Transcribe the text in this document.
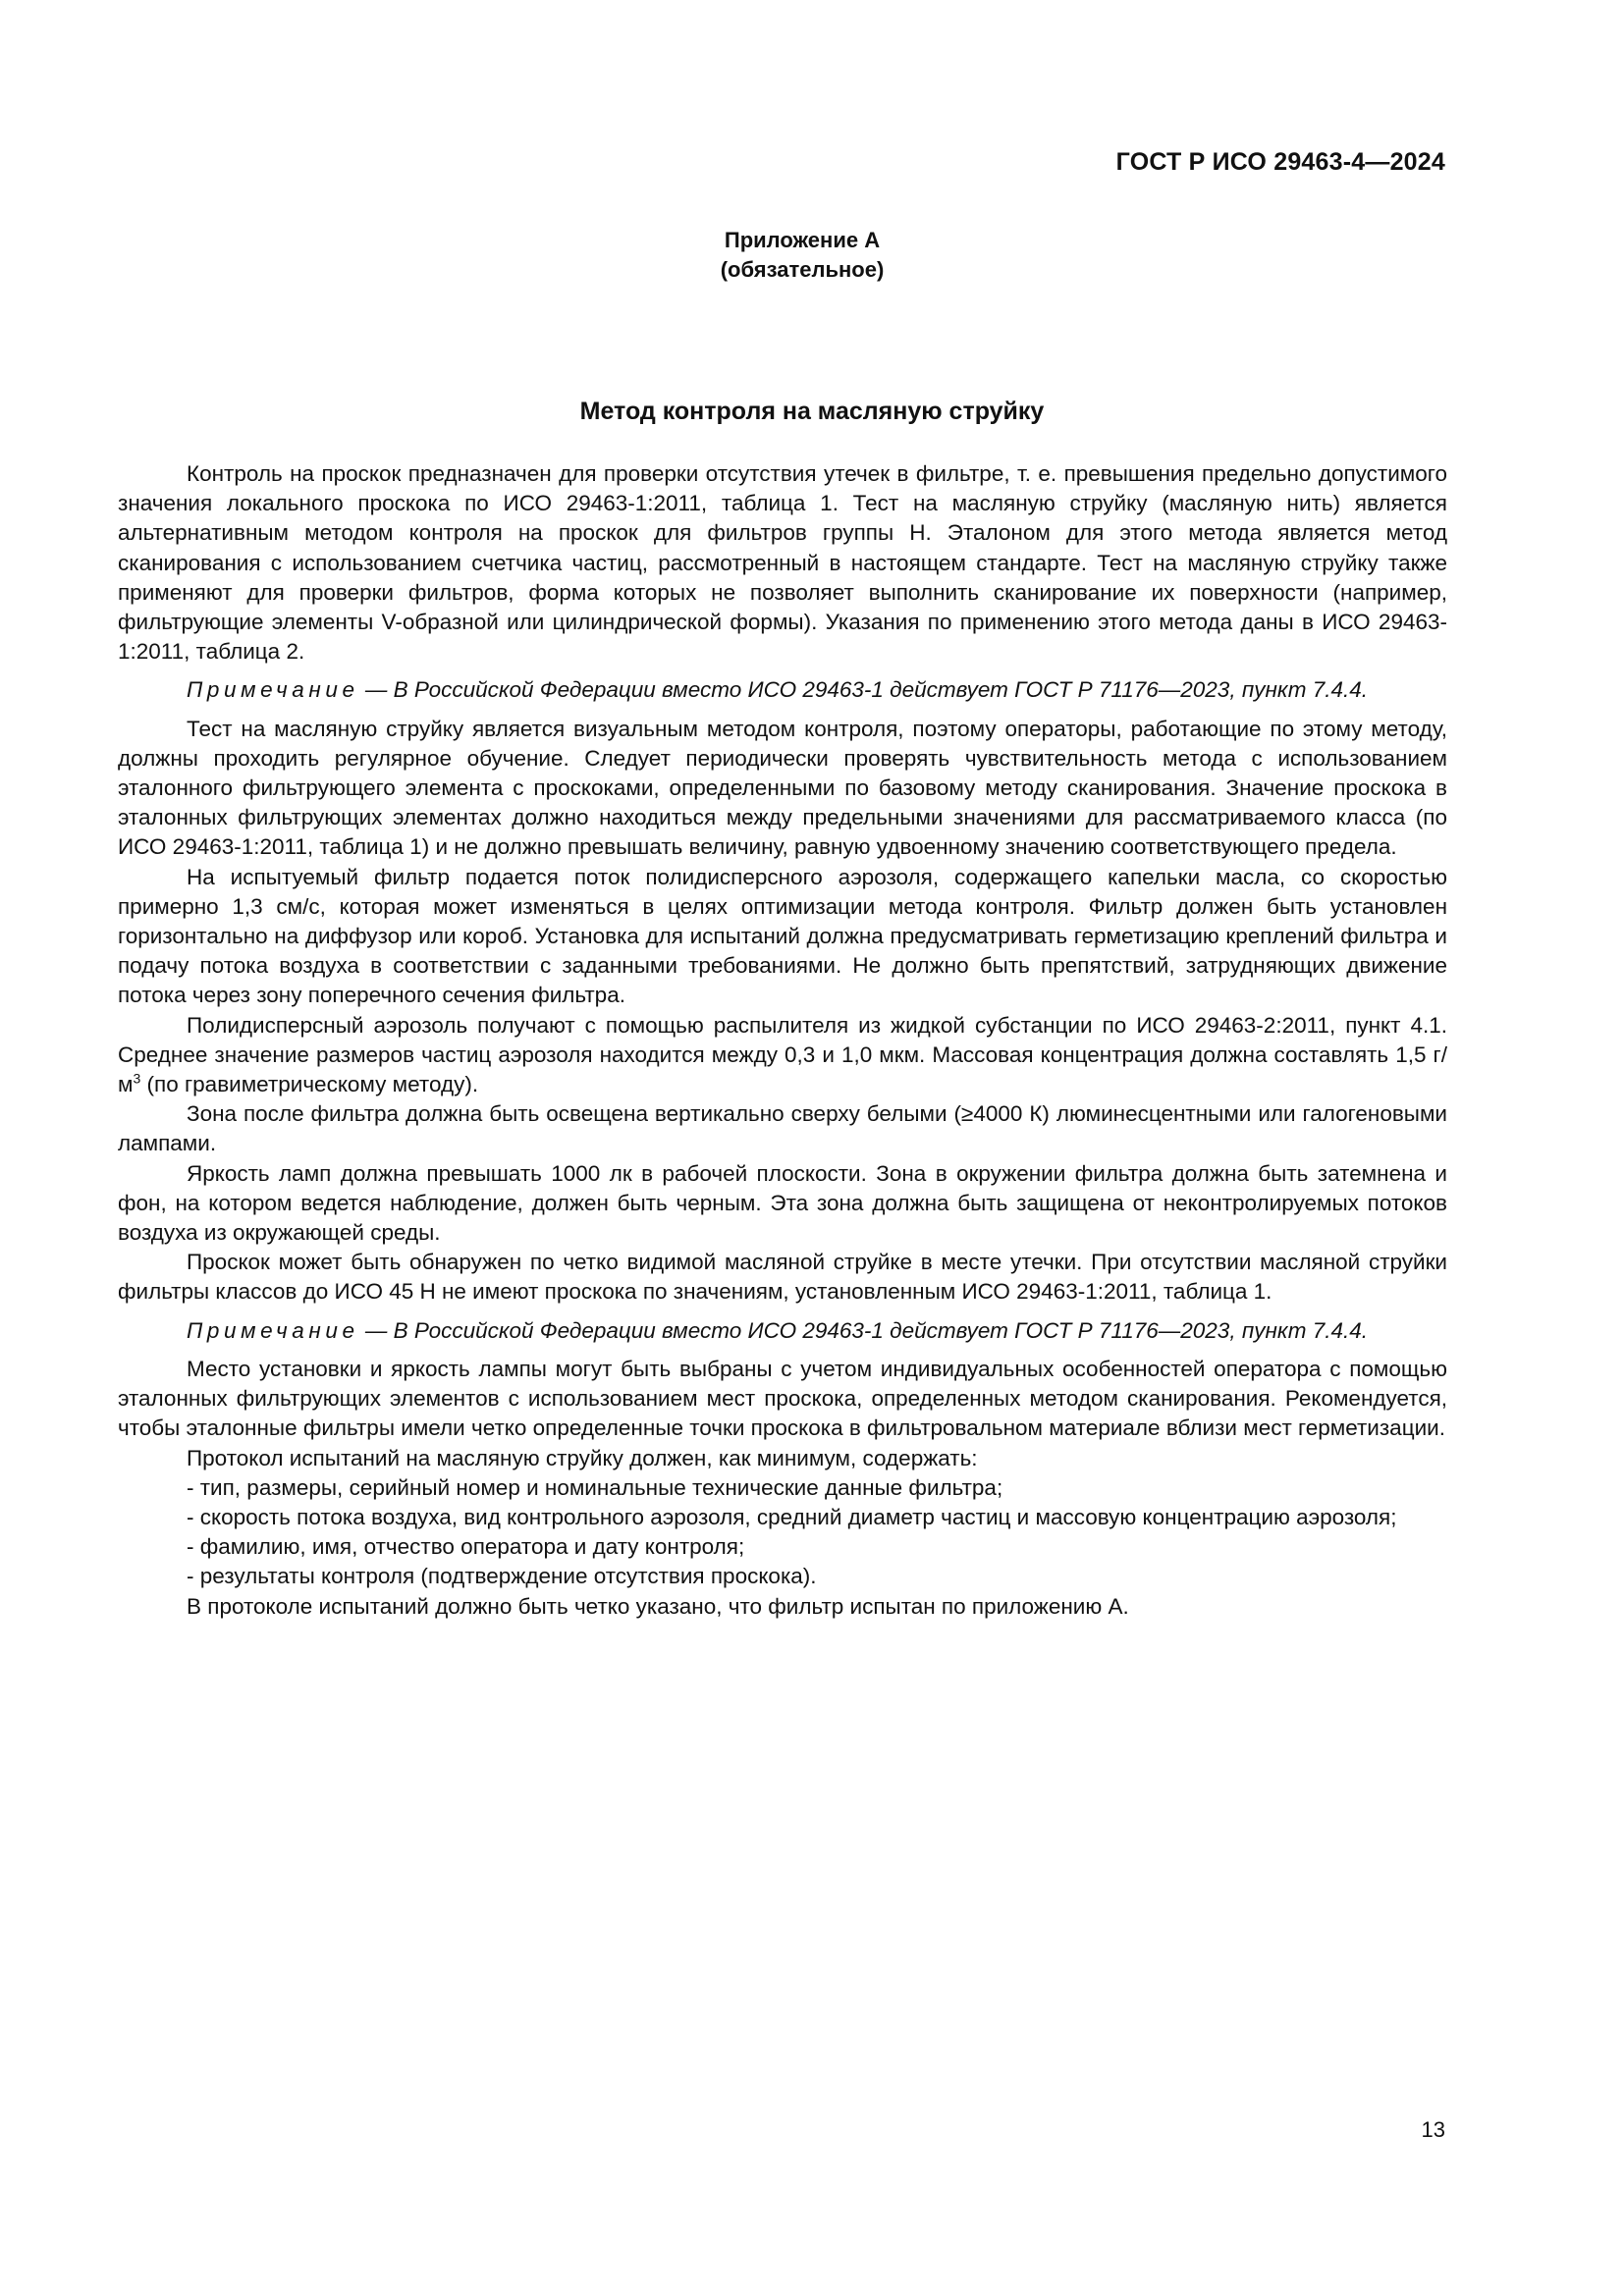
ГОСТ Р ИСО 29463-4—2024
Приложение А
(обязательное)
Метод контроля на масляную струйку

Контроль на проскок предназначен для проверки отсутствия утечек в фильтре, т. е. превышения предельно допустимого значения локального проскока по ИСО 29463-1:2011, таблица 1. Тест на масляную струйку (масляную нить) является альтернативным методом контроля на проскок для фильтров группы Н. Эталоном для этого метода является метод сканирования с использованием счетчика частиц, рассмотренный в настоящем стандарте. Тест на масляную струйку также применяют для проверки фильтров, форма которых не позволяет выполнить сканирование их поверхности (например, фильтрующие элементы V-образной или цилиндрической формы). Указания по применению этого метода даны в ИСО 29463-1:2011, таблица 2.

Примечание — В Российской Федерации вместо ИСО 29463-1 действует ГОСТ Р 71176—2023, пункт 7.4.4.

Тест на масляную струйку является визуальным методом контроля, поэтому операторы, работающие по этому методу, должны проходить регулярное обучение. Следует периодически проверять чувствительность метода с использованием эталонного фильтрующего элемента с проскоками, определенными по базовому методу сканирования. Значение проскока в эталонных фильтрующих элементах должно находиться между предельными значениями для рассматриваемого класса (по ИСО 29463-1:2011, таблица 1) и не должно превышать величину, равную удвоенному значению соответствующего предела.

На испытуемый фильтр подается поток полидисперсного аэрозоля, содержащего капельки масла, со скоростью примерно 1,3 см/с, которая может изменяться в целях оптимизации метода контроля. Фильтр должен быть установлен горизонтально на диффузор или короб. Установка для испытаний должна предусматривать герметизацию креплений фильтра и подачу потока воздуха в соответствии с заданными требованиями. Не должно быть препятствий, затрудняющих движение потока через зону поперечного сечения фильтра.

Полидисперсный аэрозоль получают с помощью распылителя из жидкой субстанции по ИСО 29463-2:2011, пункт 4.1. Среднее значение размеров частиц аэрозоля находится между 0,3 и 1,0 мкм. Массовая концентрация должна составлять 1,5 $г/м^3$ (по гравиметрическому методу).

Зона после фильтра должна быть освещена вертикально сверху белыми (≥4000 К) люминесцентными или галогеновыми лампами.

Яркость ламп должна превышать 1000 лк в рабочей плоскости. Зона в окружении фильтра должна быть затемнена и фон, на котором ведется наблюдение, должен быть черным. Эта зона должна быть защищена от неконтролируемых потоков воздуха из окружающей среды.

Проскок может быть обнаружен по четко видимой масляной струйке в месте утечки. При отсутствии масляной струйки фильтры классов до ИСО 45 Н не имеют проскока по значениям, установленным ИСО 29463-1:2011, таблица 1.

Примечание — В Российской Федерации вместо ИСО 29463-1 действует ГОСТ Р 71176—2023, пункт 7.4.4.

Место установки и яркость лампы могут быть выбраны с учетом индивидуальных особенностей оператора с помощью эталонных фильтрующих элементов с использованием мест проскока, определенных методом сканирования. Рекомендуется, чтобы эталонные фильтры имели четко определенные точки проскока в фильтровальном материале вблизи мест герметизации.

Протокол испытаний на масляную струйку должен, как минимум, содержать:

- тип, размеры, серийный номер и номинальные технические данные фильтра;

- скорость потока воздуха, вид контрольного аэрозоля, средний диаметр частиц и массовую концентрацию аэрозоля;

- фамилию, имя, отчество оператора и дату контроля;

- результаты контроля (подтверждение отсутствия проскока).

В протоколе испытаний должно быть четко указано, что фильтр испытан по приложению А.

13
